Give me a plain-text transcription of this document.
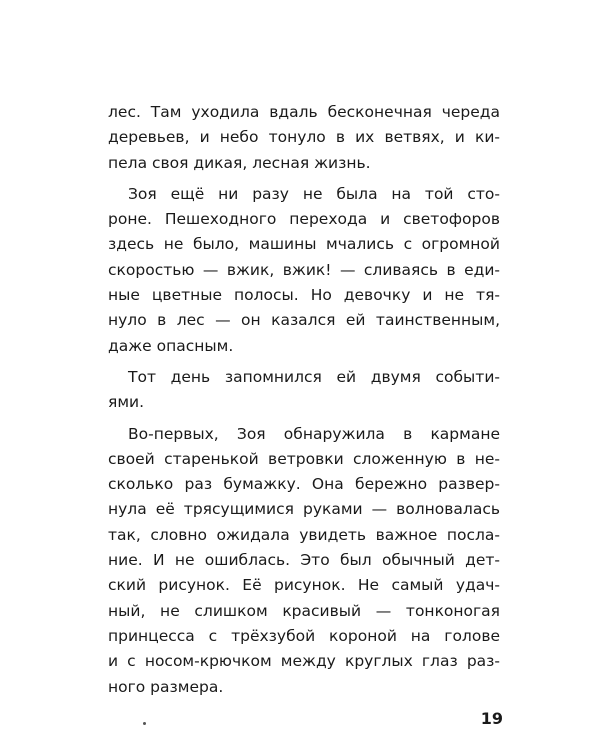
лес. Там уходила вдаль бесконечная череда
деревьев, и небо тонуло в их ветвях, и ки-
пела своя дикая, лесная жизнь.
Зоя ещё ни разу не была на той сто-
роне. Пешеходного перехода и светофоров
здесь не было, машины мчались с огромной
скоростью — вжик, вжик! — сливаясь в еди-
ные цветные полосы. Но девочку и не тя-
нуло в лес — он казался ей таинственным,
даже опасным.
Тот день запомнился ей двумя событи-
ями.
Во-первых, Зоя обнаружила в кармане
своей старенькой ветровки сложенную в не-
сколько раз бумажку. Она бережно развер-
нула её трясущимися руками — волновалась
так, словно ожидала увидеть важное посла-
ние. И не ошиблась. Это был обычный дет-
ский рисунок. Её рисунок. Не самый удач-
ный, не слишком красивый — тонконогая
принцесса с трёхзубой короной на голове
и с носом-крючком между круглых глаз раз-
ного размера.
19
